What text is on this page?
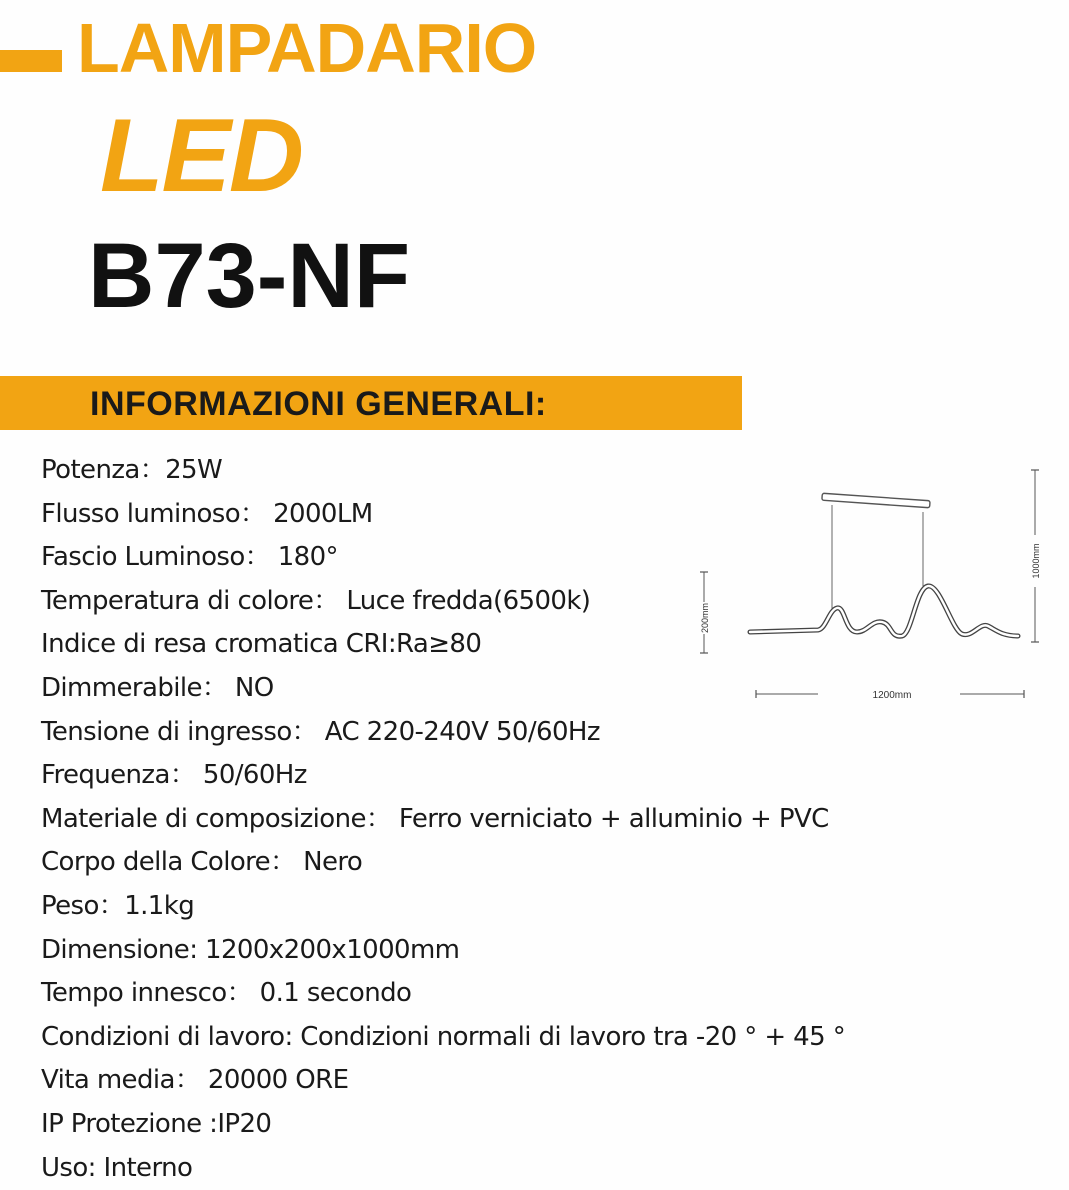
LAMPADARIO
LED
B73-NF
INFORMAZIONI GENERALI:
Potenza：25W
Flusso luminoso： 2000LM
Fascio Luminoso： 180°
Temperatura di colore： Luce fredda(6500k)
Indice di resa cromatica CRI:Ra≥80
Dimmerabile： NO
Tensione di ingresso： AC 220-240V 50/60Hz
Frequenza： 50/60Hz
Materiale di composizione： Ferro verniciato + alluminio + PVC
Corpo della Colore： Nero
Peso：1.1kg
Dimensione: 1200x200x1000mm
Tempo innesco： 0.1 secondo
Condizioni di lavoro: Condizioni normali di lavoro tra -20 ° + 45 °
Vita media： 20000 ORE
IP Protezione :IP20
Uso: Interno
1000mm
200mm
1200mm
